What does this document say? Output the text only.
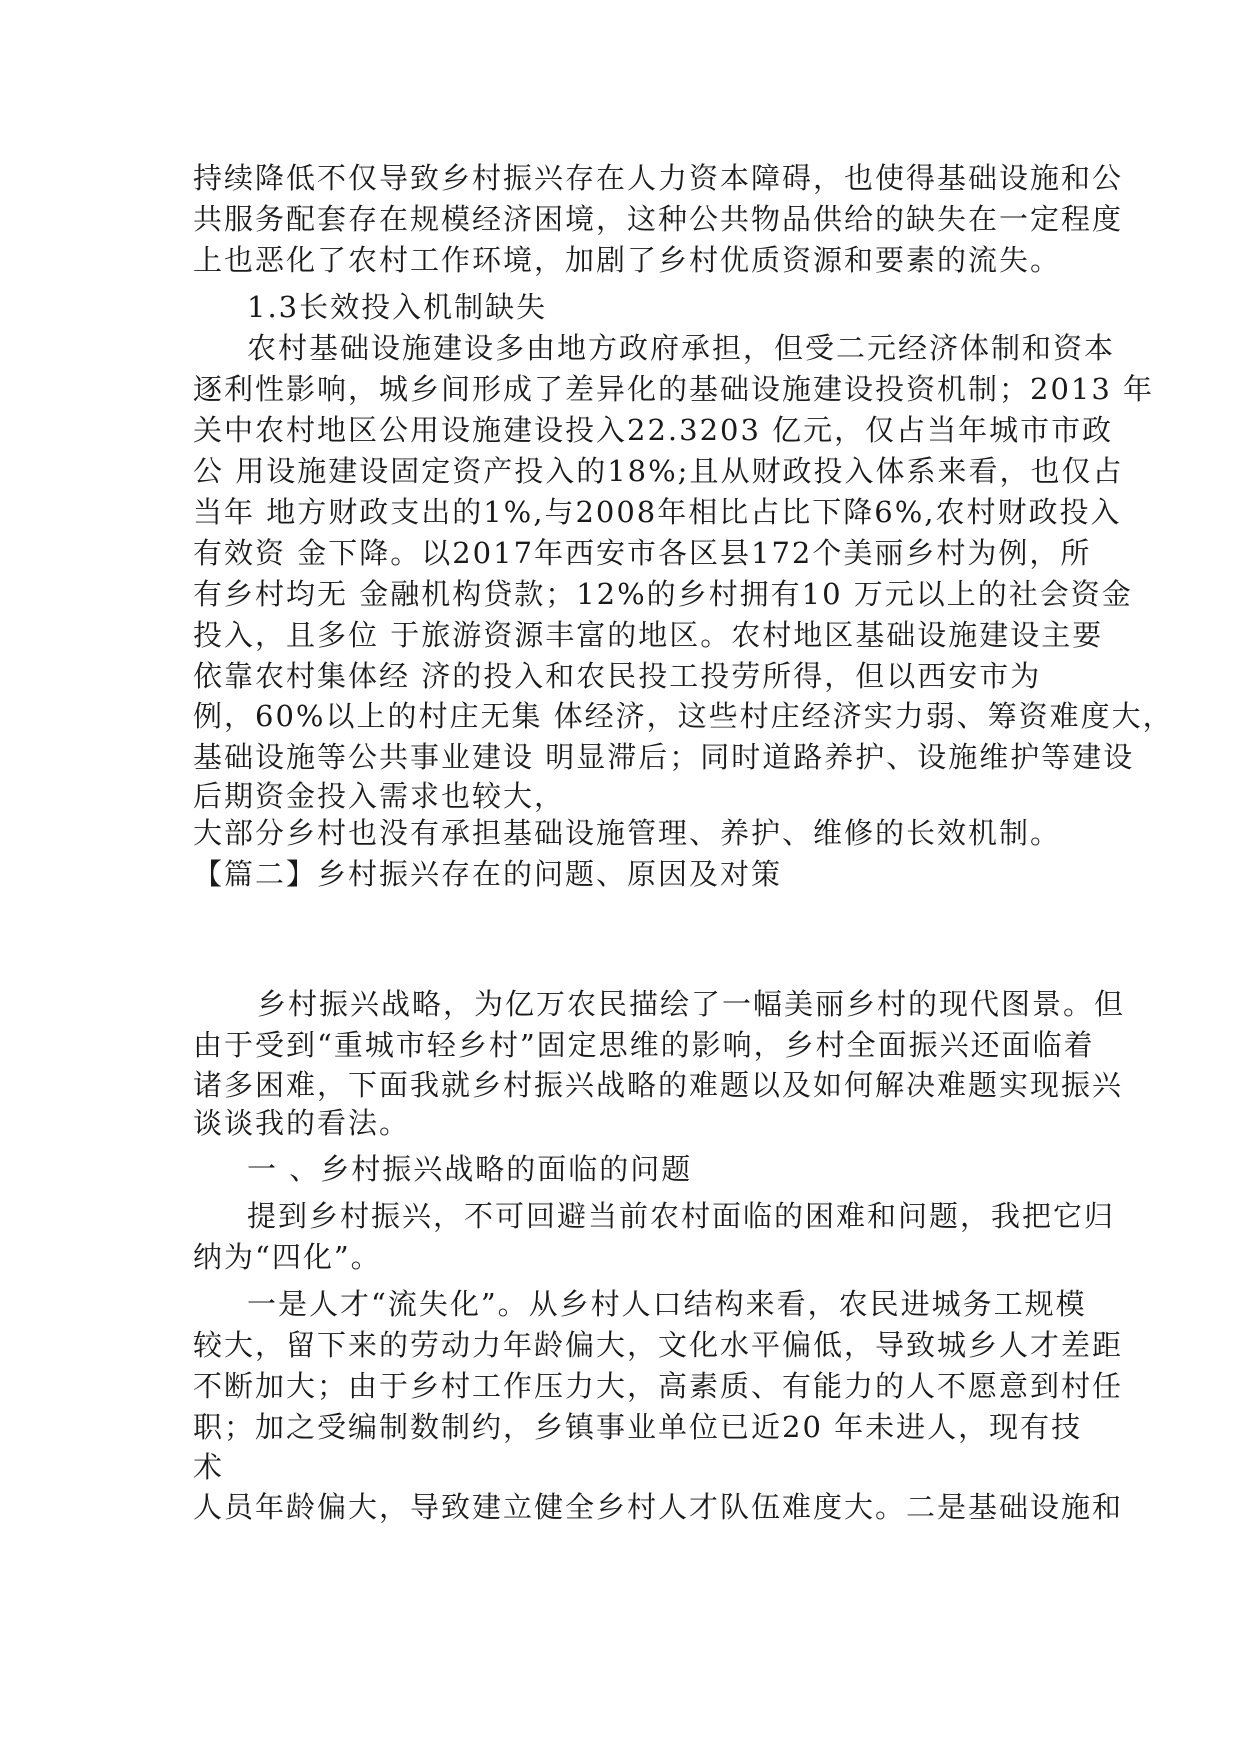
持续降低不仅导致乡村振兴存在人力资本障碍，也使得基础设施和公
共服务配套存在规模经济困境，这种公共物品供给的缺失在一定程度
上也恶化了农村工作环境，加剧了乡村优质资源和要素的流失。
1.3长效投入机制缺失
农村基础设施建设多由地方政府承担，但受二元经济体制和资本
逐利性影响，城乡间形成了差异化的基础设施建设投资机制；2013 年
关中农村地区公用设施建设投入22.3203 亿元，仅占当年城市市政
公 用设施建设固定资产投入的18%;且从财政投入体系来看，也仅占
当年 地方财政支出的1%,与2008年相比占比下降6%,农村财政投入
有效资 金下降。以2017年西安市各区县172个美丽乡村为例，所
有乡村均无 金融机构贷款；12%的乡村拥有10 万元以上的社会资金
投入，且多位 于旅游资源丰富的地区。农村地区基础设施建设主要
依靠农村集体经 济的投入和农民投工投劳所得，但以西安市为
例，60%以上的村庄无集 体经济，这些村庄经济实力弱、筹资难度大，
基础设施等公共事业建设 明显滞后；同时道路养护、设施维护等建设
后期资金投入需求也较大，
大部分乡村也没有承担基础设施管理、养护、维修的长效机制。
【篇二】乡村振兴存在的问题、原因及对策
乡村振兴战略，为亿万农民描绘了一幅美丽乡村的现代图景。但
由于受到“重城市轻乡村”固定思维的影响，乡村全面振兴还面临着
诸多困难，下面我就乡村振兴战略的难题以及如何解决难题实现振兴
谈谈我的看法。
一 、乡村振兴战略的面临的问题
提到乡村振兴，不可回避当前农村面临的困难和问题，我把它归
纳为“四化”。
一是人才“流失化”。从乡村人口结构来看，农民进城务工规模
较大，留下来的劳动力年龄偏大，文化水平偏低，导致城乡人才差距
不断加大；由于乡村工作压力大，高素质、有能力的人不愿意到村任
职；加之受编制数制约，乡镇事业单位已近20 年未进人，现有技
术
人员年龄偏大，导致建立健全乡村人才队伍难度大。二是基础设施和
